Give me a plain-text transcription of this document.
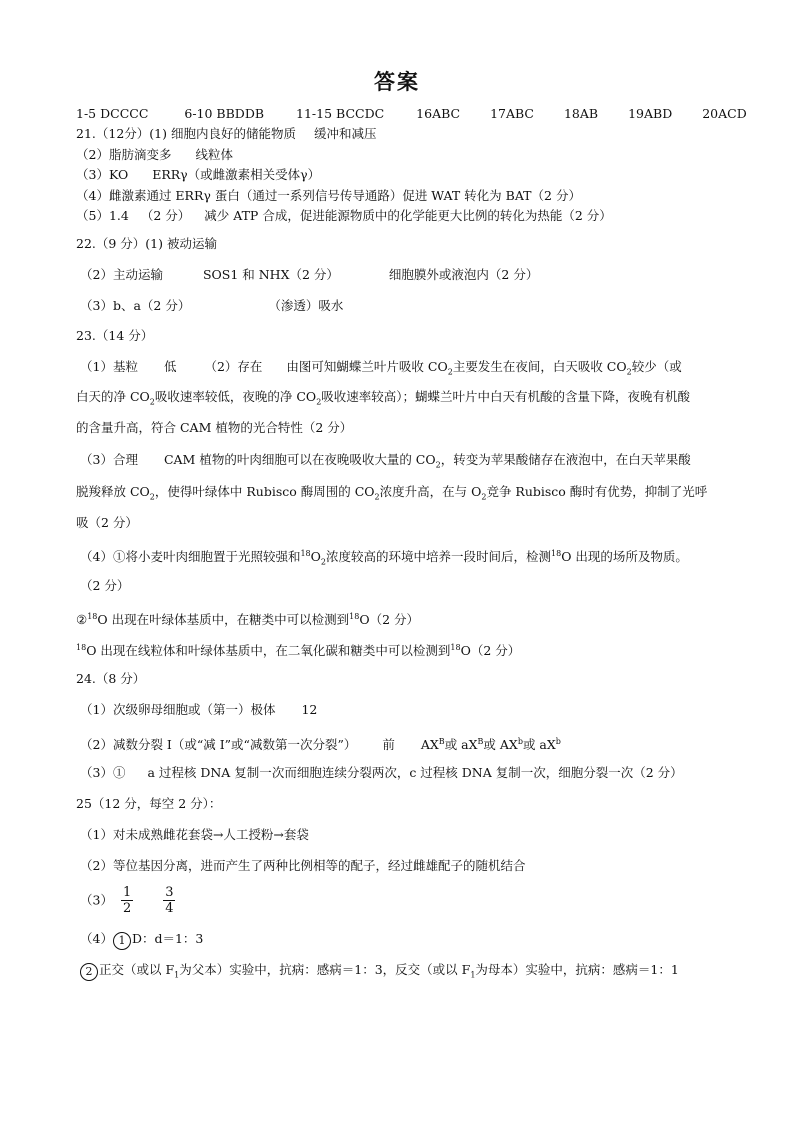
答案
1-5 DCCCC	6-10 BBDDB	11-15 BCCDC	16ABC 17ABC 18AB 19ABD 20ACD
21.（12分）(1) 细胞内良好的储能物质 缓冲和减压
（2）脂肪滴变多 线粒体
（3）KO ERRγ（或雌激素相关受体γ）
（4）雌激素通过 ERRγ 蛋白（通过一系列信号传导通路）促进 WAT 转化为 BAT（2 分）
（5）1.4 （2 分） 减少 ATP 合成，促进能源物质中的化学能更大比例的转化为热能（2 分）
22.（9 分）(1) 被动运输
（2）主动运输	SOS1 和 NHX（2 分）	细胞膜外或液泡内（2 分）
（3）b、a（2 分）	（渗透）吸水
23.（14 分）
（1）基粒 低 （2）存在 由图可知蝴蝶兰叶片吸收 $CO_2$主要发生在夜间，白天吸收 $CO_2$较少（或
白天的净 $CO_2$吸收速率较低，夜晚的净 $CO_2$吸收速率较高）；蝴蝶兰叶片中白天有机酸的含量下降，夜晚有机酸
的含量升高，符合 CAM 植物的光合特性（2 分）
（3）合理 CAM 植物的叶肉细胞可以在夜晚吸收大量的 $CO_2$，转变为苹果酸储存在液泡中，在白天苹果酸
脱羧释放 $CO_2$，使得叶绿体中 Rubisco 酶周围的 $CO_2$浓度升高，在与 $O_2$竞争 Rubisco 酶时有优势，抑制了光呼
吸（2 分）
（4）①将小麦叶肉细胞置于光照较强和$^{18}O_2$浓度较高的环境中培养一段时间后，检测$^{18}$O 出现的场所及物质。
（2 分）
②$^{18}$O 出现在叶绿体基质中，在糖类中可以检测到$^{18}$O（2 分）
$^{18}$O 出现在线粒体和叶绿体基质中，在二氧化碳和糖类中可以检测到$^{18}$O（2 分）
24.（8 分）
（1）次级卵母细胞或（第一）极体 12
（2）减数分裂 I（或“减 I”或“减数第一次分裂”） 前 $AX^B$或 $aX^B$或 $AX^b$或 $aX^b$
（3）① a 过程核 DNA 复制一次而细胞连续分裂两次，c 过程核 DNA 复制一次，细胞分裂一次（2 分）
25（12 分，每空 2 分）：
（1）对未成熟雌花套袋→人工授粉→套袋
（2）等位基因分离，进而产生了两种比例相等的配子，经过雌雄配子的随机结合
$(3) \frac{1}{2}$
$\frac{3}{4}$
（4） 1 D：d＝1：3
2 正交（或以 $F_1$为父本）实验中，抗病：感病＝1：3，反交（或以 $F_1$为母本）实验中，抗病：感病＝1：1
